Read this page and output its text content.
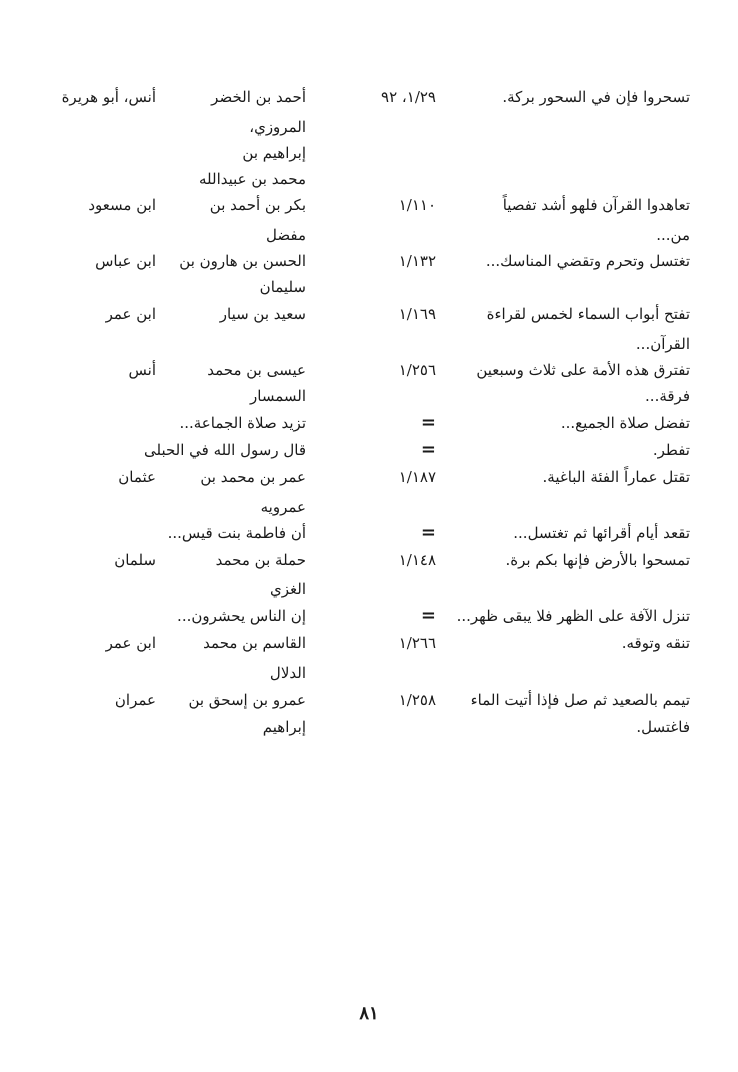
تسحروا فإن في السحور بركة.
١/٢٩، ٩٢
أحمد بن الخضر
أنس، أبو هريرة
المروزي،
إبراهيم بن
محمد بن عبيدالله
تعاهدوا القرآن فلهو أشد تفصياً
١/١١٠
بكر بن أحمد بن
ابن مسعود
من...
مفضل
تغتسل وتحرم وتقضي المناسك...
١/١٣٢
الحسن بن هارون بن
ابن عباس
سليمان
تفتح أبواب السماء لخمس لقراءة
١/١٦٩
سعيد بن سيار
ابن عمر
القرآن...
تفترق هذه الأمة على ثلاث وسبعين
١/٢٥٦
عيسى بن محمد
أنس
فرقة...
السمسار
تفضل صلاة الجميع...
=
تزيد صلاة الجماعة...
تفطر.
=
قال رسول الله في الحبلى
تقتل عماراً الفئة الباغية.
١/١٨٧
عمر بن محمد بن
عثمان
عمرويه
تقعد أيام أقرائها ثم تغتسل...
=
أن فاطمة بنت قيس...
تمسحوا بالأرض فإنها بكم برة.
١/١٤٨
حملة بن محمد
سلمان
الغزي
تنزل الآفة على الظهر فلا يبقى ظهر...
=
إن الناس يحشرون...
تنقه وتوقه.
١/٢٦٦
القاسم بن محمد
ابن عمر
الدلال
تيمم بالصعيد ثم صل فإذا أتيت الماء
١/٢٥٨
عمرو بن إسحق بن
عمران
فاغتسل.
إبراهيم
٨١
